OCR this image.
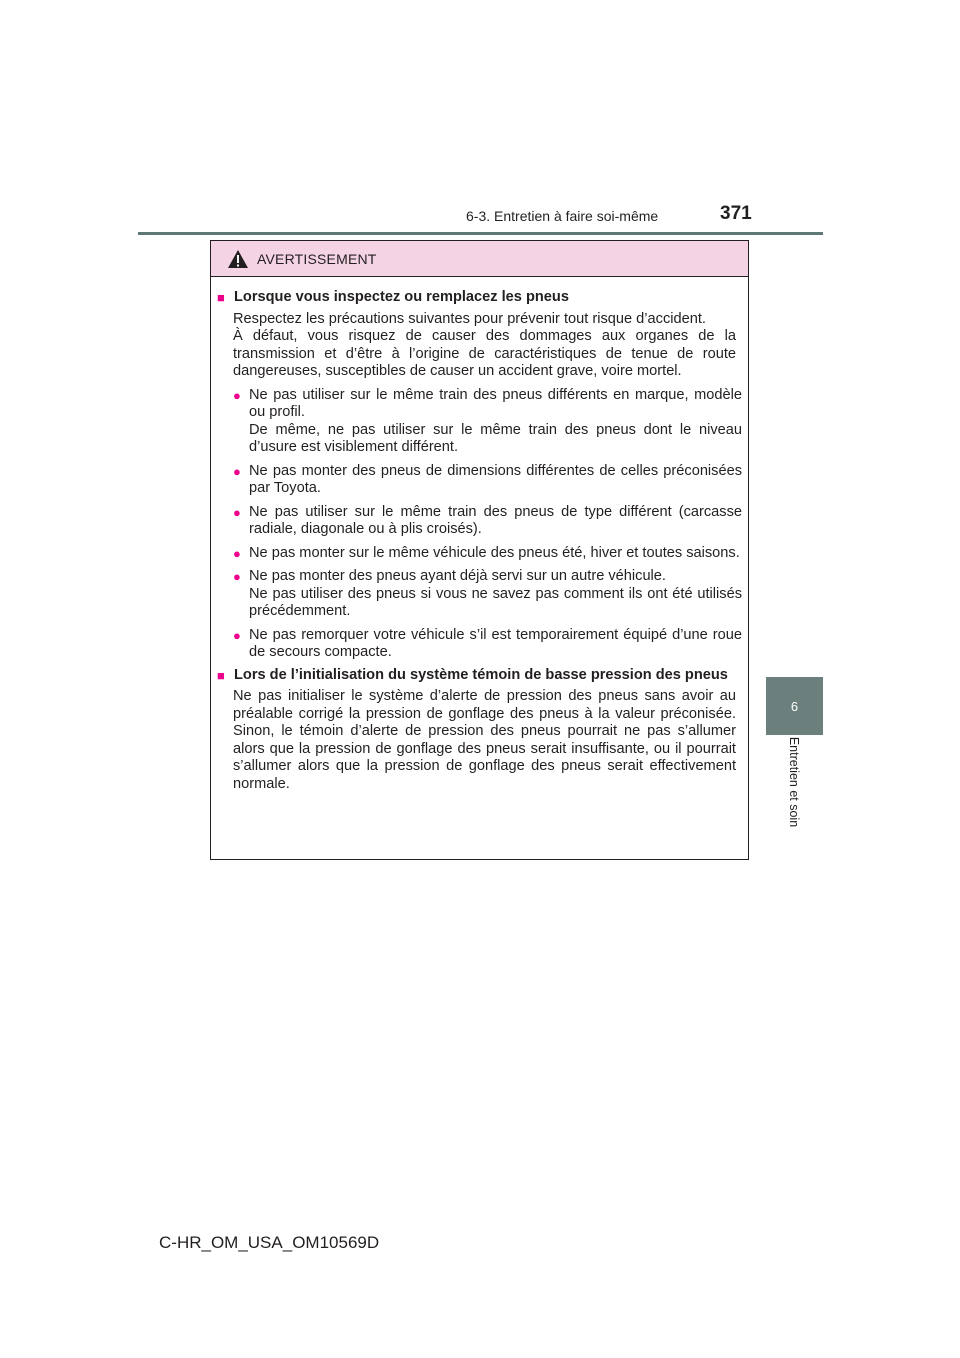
6-3. Entretien à faire soi-même	371
6
Entretien et soin
AVERTISSEMENT
■ Lorsque vous inspectez ou remplacez les pneus
Respectez les précautions suivantes pour prévenir tout risque d’accident.
À défaut, vous risquez de causer des dommages aux organes de la transmission et d’être à l’origine de caractéristiques de tenue de route dangereuses, susceptibles de causer un accident grave, voire mortel.
● Ne pas utiliser sur le même train des pneus différents en marque, modèle ou profil.
De même, ne pas utiliser sur le même train des pneus dont le niveau d’usure est visiblement différent.
● Ne pas monter des pneus de dimensions différentes de celles préconisées par Toyota.
● Ne pas utiliser sur le même train des pneus de type différent (carcasse radiale, diagonale ou à plis croisés).
● Ne pas monter sur le même véhicule des pneus été, hiver et toutes saisons.
● Ne pas monter des pneus ayant déjà servi sur un autre véhicule.
Ne pas utiliser des pneus si vous ne savez pas comment ils ont été utilisés précédemment.
● Ne pas remorquer votre véhicule s’il est temporairement équipé d’une roue de secours compacte.
■ Lors de l’initialisation du système témoin de basse pression des pneus
Ne pas initialiser le système d’alerte de pression des pneus sans avoir au préalable corrigé la pression de gonflage des pneus à la valeur préconisée. Sinon, le témoin d’alerte de pression des pneus pourrait ne pas s’allumer alors que la pression de gonflage des pneus serait insuffisante, ou il pourrait s’allumer alors que la pression de gonflage des pneus serait effectivement normale.
C-HR_OM_USA_OM10569D
